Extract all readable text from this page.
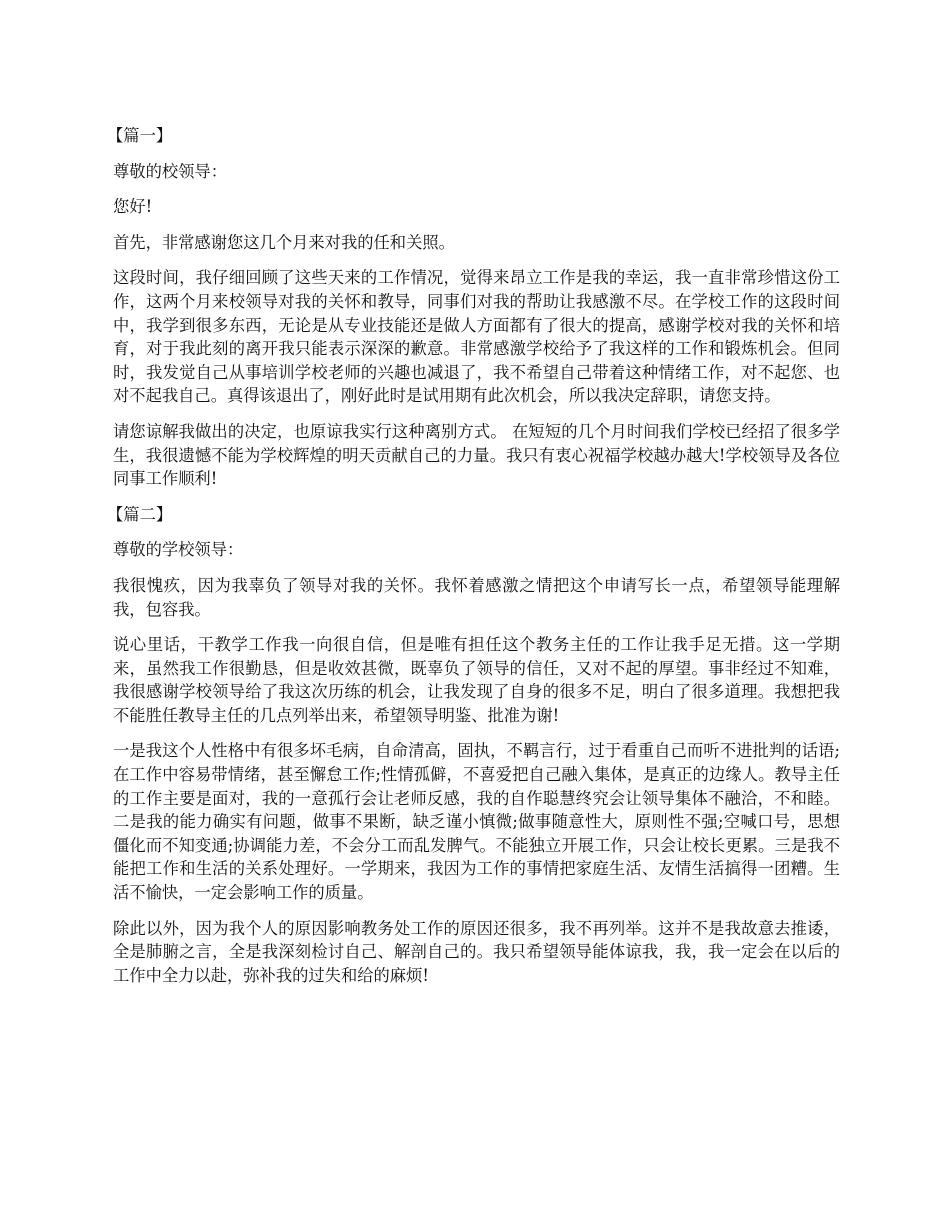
【篇一】
尊敬的校领导：
您好!
首先，非常感谢您这几个月来对我的任和关照。
这段时间，我仔细回顾了这些天来的工作情况，觉得来昂立工作是我的幸运，我一直非常珍惜这份工作，这两个月来校领导对我的关怀和教导，同事们对我的帮助让我感激不尽。在学校工作的这段时间中，我学到很多东西，无论是从专业技能还是做人方面都有了很大的提高，感谢学校对我的关怀和培育，对于我此刻的离开我只能表示深深的歉意。非常感激学校给予了我这样的工作和锻炼机会。但同时，我发觉自己从事培训学校老师的兴趣也减退了，我不希望自己带着这种情绪工作，对不起您、也对不起我自己。真得该退出了，刚好此时是试用期有此次机会，所以我决定辞职，请您支持。
请您谅解我做出的决定，也原谅我实行这种离别方式。 在短短的几个月时间我们学校已经招了很多学生，我很遗憾不能为学校辉煌的明天贡献自己的力量。我只有衷心祝福学校越办越大!学校领导及各位同事工作顺利!
【篇二】
尊敬的学校领导：
我很愧疚，因为我辜负了领导对我的关怀。我怀着感激之情把这个申请写长一点，希望领导能理解我，包容我。
说心里话，干教学工作我一向很自信，但是唯有担任这个教务主任的工作让我手足无措。这一学期来，虽然我工作很勤恳，但是收效甚微，既辜负了领导的信任，又对不起的厚望。事非经过不知难，我很感谢学校领导给了我这次历练的机会，让我发现了自身的很多不足，明白了很多道理。我想把我不能胜任教导主任的几点列举出来，希望领导明鉴、批准为谢!
一是我这个人性格中有很多坏毛病，自命清高，固执，不羁言行，过于看重自己而听不进批判的话语;在工作中容易带情绪，甚至懈怠工作;性情孤僻，不喜爱把自己融入集体，是真正的边缘人。教导主任的工作主要是面对，我的一意孤行会让老师反感，我的自作聪慧终究会让领导集体不融洽，不和睦。二是我的能力确实有问题，做事不果断，缺乏谨小慎微;做事随意性大，原则性不强;空喊口号，思想僵化而不知变通;协调能力差，不会分工而乱发脾气。不能独立开展工作，只会让校长更累。三是我不能把工作和生活的关系处理好。一学期来，我因为工作的事情把家庭生活、友情生活搞得一团糟。生活不愉快，一定会影响工作的质量。
除此以外，因为我个人的原因影响教务处工作的原因还很多，我不再列举。这并不是我故意去推诿，全是肺腑之言，全是我深刻检讨自己、解剖自己的。我只希望领导能体谅我，我，我一定会在以后的工作中全力以赴，弥补我的过失和给的麻烦!
